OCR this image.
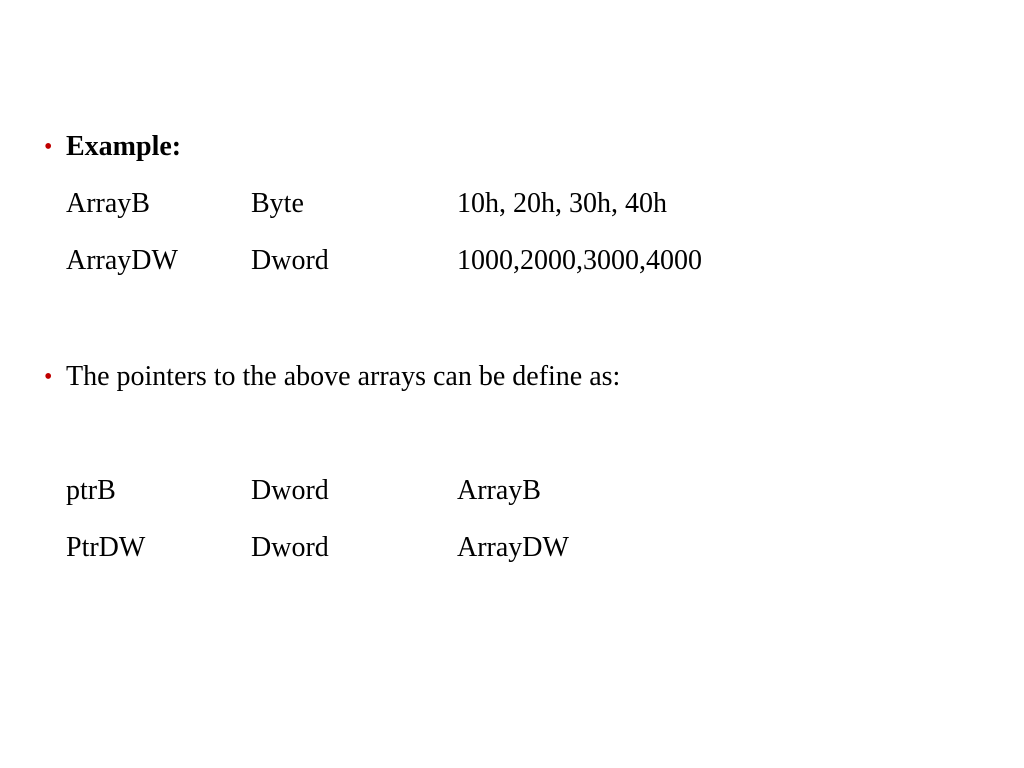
• Example:
ArrayB	Byte	10h, 20h, 30h, 40h
ArrayDW	Dword	1000,2000,3000,4000
• The pointers to the above arrays can be define as:
ptrB	Dword	ArrayB
PtrDW	Dword	ArrayDW
